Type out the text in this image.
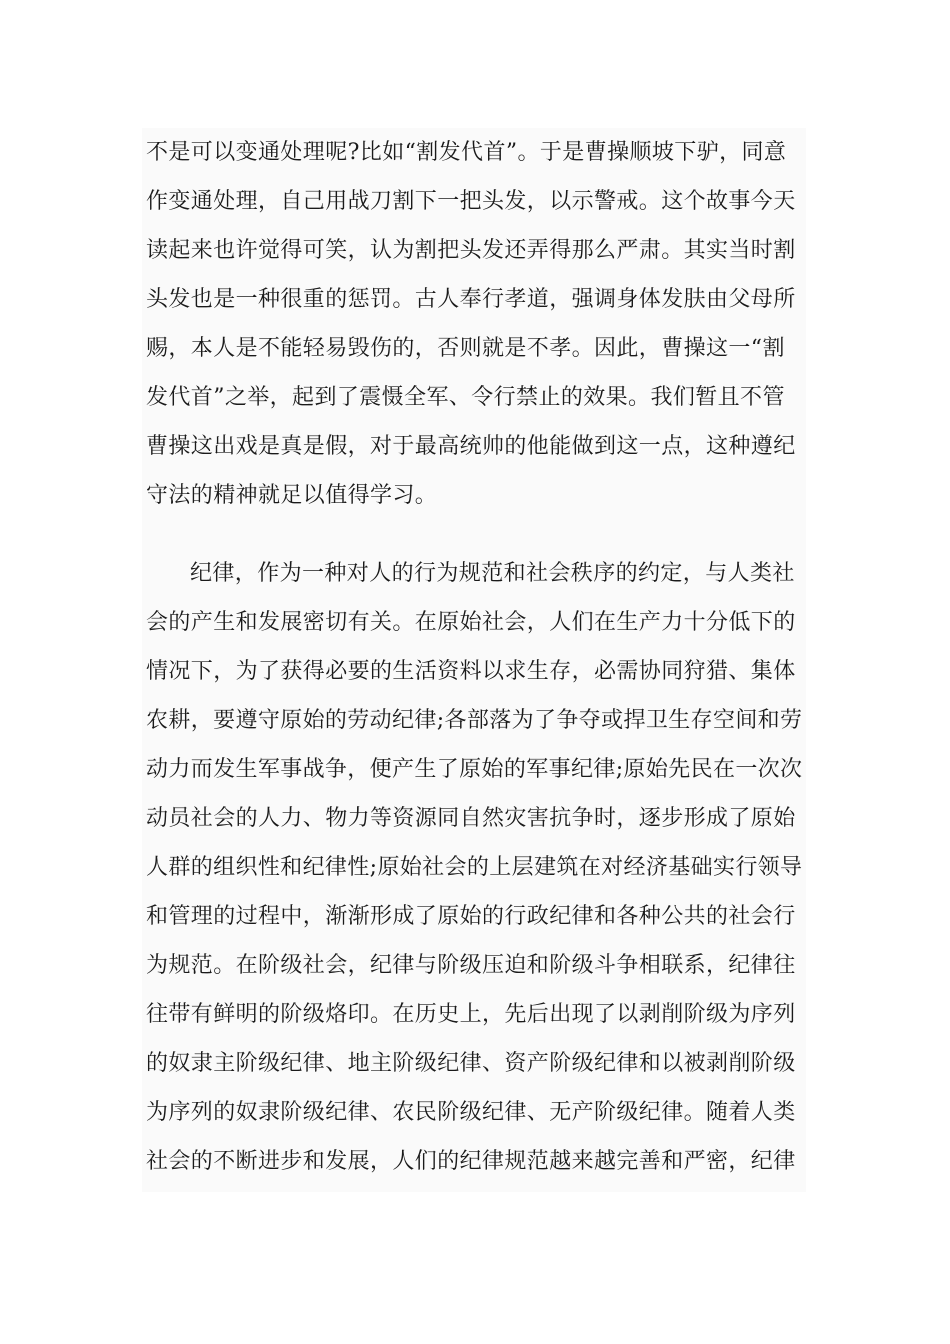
不是可以变通处理呢?比如“割发代首”。于是曹操顺坡下驴，同意
作变通处理，自己用战刀割下一把头发，以示警戒。这个故事今天
读起来也许觉得可笑，认为割把头发还弄得那么严肃。其实当时割
头发也是一种很重的惩罚。古人奉行孝道，强调身体发肤由父母所
赐，本人是不能轻易毁伤的，否则就是不孝。因此，曹操这一“割
发代首”之举，起到了震慑全军、令行禁止的效果。我们暂且不管
曹操这出戏是真是假，对于最高统帅的他能做到这一点，这种遵纪
守法的精神就足以值得学习。
纪律，作为一种对人的行为规范和社会秩序的约定，与人类社
会的产生和发展密切有关。在原始社会，人们在生产力十分低下的
情况下，为了获得必要的生活资料以求生存，必需协同狩猎、集体
农耕，要遵守原始的劳动纪律;各部落为了争夺或捍卫生存空间和劳
动力而发生军事战争，便产生了原始的军事纪律;原始先民在一次次
动员社会的人力、物力等资源同自然灾害抗争时，逐步形成了原始
人群的组织性和纪律性;原始社会的上层建筑在对经济基础实行领导
和管理的过程中，渐渐形成了原始的行政纪律和各种公共的社会行
为规范。在阶级社会，纪律与阶级压迫和阶级斗争相联系，纪律往
往带有鲜明的阶级烙印。在历史上，先后出现了以剥削阶级为序列
的奴隶主阶级纪律、地主阶级纪律、资产阶级纪律和以被剥削阶级
为序列的奴隶阶级纪律、农民阶级纪律、无产阶级纪律。随着人类
社会的不断进步和发展，人们的纪律规范越来越完善和严密，纪律
